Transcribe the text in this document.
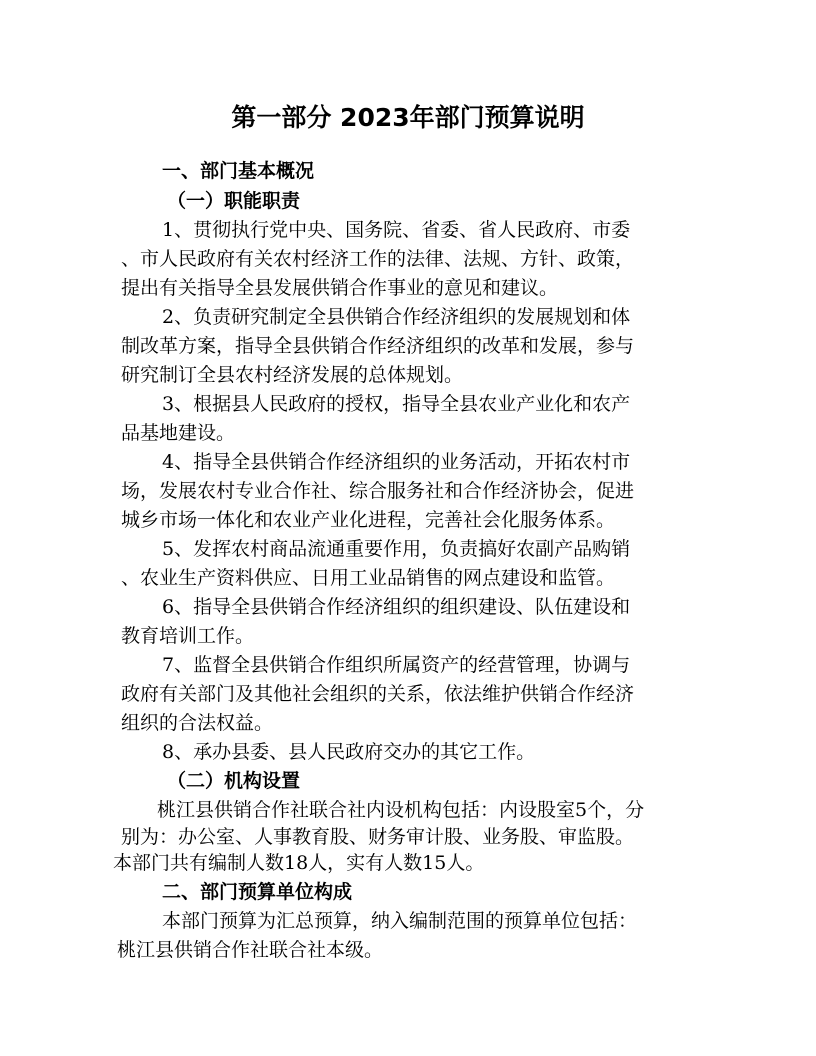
第一部分 2023年部门预算说明
一、部门基本概况
（一）职能职责
1、贯彻执行党中央、国务院、省委、省人民政府、市委
、市人民政府有关农村经济工作的法律、法规、方针、政策，
提出有关指导全县发展供销合作事业的意见和建议。
2、负责研究制定全县供销合作经济组织的发展规划和体
制改革方案，指导全县供销合作经济组织的改革和发展，参与
研究制订全县农村经济发展的总体规划。
3、根据县人民政府的授权，指导全县农业产业化和农产
品基地建设。
4、指导全县供销合作经济组织的业务活动，开拓农村市
场，发展农村专业合作社、综合服务社和合作经济协会，促进
城乡市场一体化和农业产业化进程，完善社会化服务体系。
5、发挥农村商品流通重要作用，负责搞好农副产品购销
、农业生产资料供应、日用工业品销售的网点建设和监管。
6、指导全县供销合作经济组织的组织建设、队伍建设和
教育培训工作。
7、监督全县供销合作组织所属资产的经营管理，协调与
政府有关部门及其他社会组织的关系，依法维护供销合作经济
组织的合法权益。
8、承办县委、县人民政府交办的其它工作。
（二）机构设置
桃江县供销合作社联合社内设机构包括：内设股室5个，分
别为：办公室、人事教育股、财务审计股、业务股、审监股。
本部门共有编制人数18人，实有人数15人。
二、部门预算单位构成
本部门预算为汇总预算，纳入编制范围的预算单位包括：
桃江县供销合作社联合社本级。
